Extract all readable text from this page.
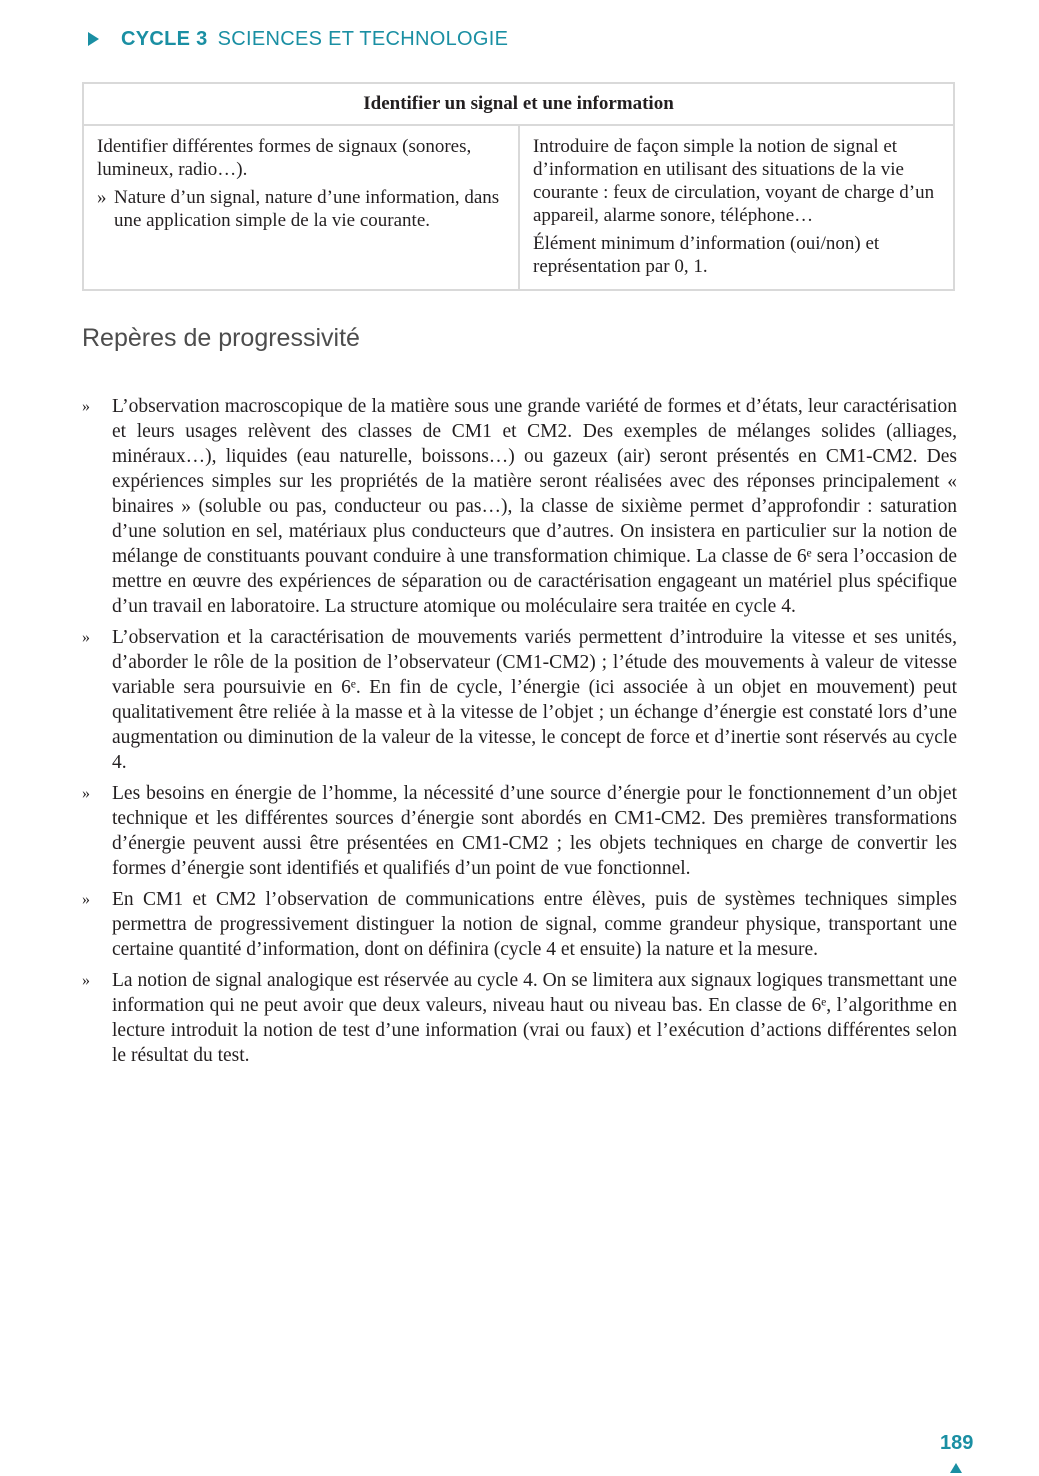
CYCLE 3 SCIENCES ET TECHNOLOGIE
Identifier un signal et une information

Identifier différentes formes de signaux (sonores, lumineux, radio…).

» Nature d’un signal, nature d’une information, dans une application simple de la vie courante.

Introduire de façon simple la notion de signal et d’information en utilisant des situations de la vie courante : feux de circulation, voyant de charge d’un appareil, alarme sonore, téléphone…

Élément minimum d’information (oui/non) et représentation par 0, 1.

Repères de progressivité
» L’observation macroscopique de la matière sous une grande variété de formes et d’états, leur caractérisation et leurs usages relèvent des classes de CM1 et CM2. Des exemples de mélanges solides (alliages, minéraux…), liquides (eau naturelle, boissons…) ou gazeux (air) seront présentés en CM1-CM2. Des expériences simples sur les propriétés de la matière seront réalisées avec des réponses principalement « binaires » (soluble ou pas, conducteur ou pas…), la classe de sixième permet d’approfondir : saturation d’une solution en sel, matériaux plus conducteurs que d’autres. On insistera en particulier sur la notion de mélange de constituants pouvant conduire à une transformation chimique. La classe de 6ᵉ sera l’occasion de mettre en œuvre des expériences de séparation ou de caractérisation engageant un matériel plus spécifique d’un travail en laboratoire. La structure atomique ou moléculaire sera traitée en cycle 4.
» L’observation et la caractérisation de mouvements variés permettent d’introduire la vitesse et ses unités, d’aborder le rôle de la position de l’observateur (CM1-CM2) ; l’étude des mouvements à valeur de vitesse variable sera poursuivie en 6ᵉ. En fin de cycle, l’énergie (ici associée à un objet en mouvement) peut qualitativement être reliée à la masse et à la vitesse de l’objet ; un échange d’énergie est constaté lors d’une augmentation ou diminution de la valeur de la vitesse, le concept de force et d’inertie sont réservés au cycle 4.
» Les besoins en énergie de l’homme, la nécessité d’une source d’énergie pour le fonctionnement d’un objet technique et les différentes sources d’énergie sont abordés en CM1-CM2. Des premières transformations d’énergie peuvent aussi être présentées en CM1-CM2 ; les objets techniques en charge de convertir les formes d’énergie sont identifiés et qualifiés d’un point de vue fonctionnel.
» En CM1 et CM2 l’observation de communications entre élèves, puis de systèmes techniques simples permettra de progressivement distinguer la notion de signal, comme grandeur physique, transportant une certaine quantité d’information, dont on définira (cycle 4 et ensuite) la nature et la mesure.
» La notion de signal analogique est réservée au cycle 4. On se limitera aux signaux logiques transmettant une information qui ne peut avoir que deux valeurs, niveau haut ou niveau bas. En classe de 6ᵉ, l’algorithme en lecture introduit la notion de test d’une information (vrai ou faux) et l’exécution d’actions différentes selon le résultat du test.
189
